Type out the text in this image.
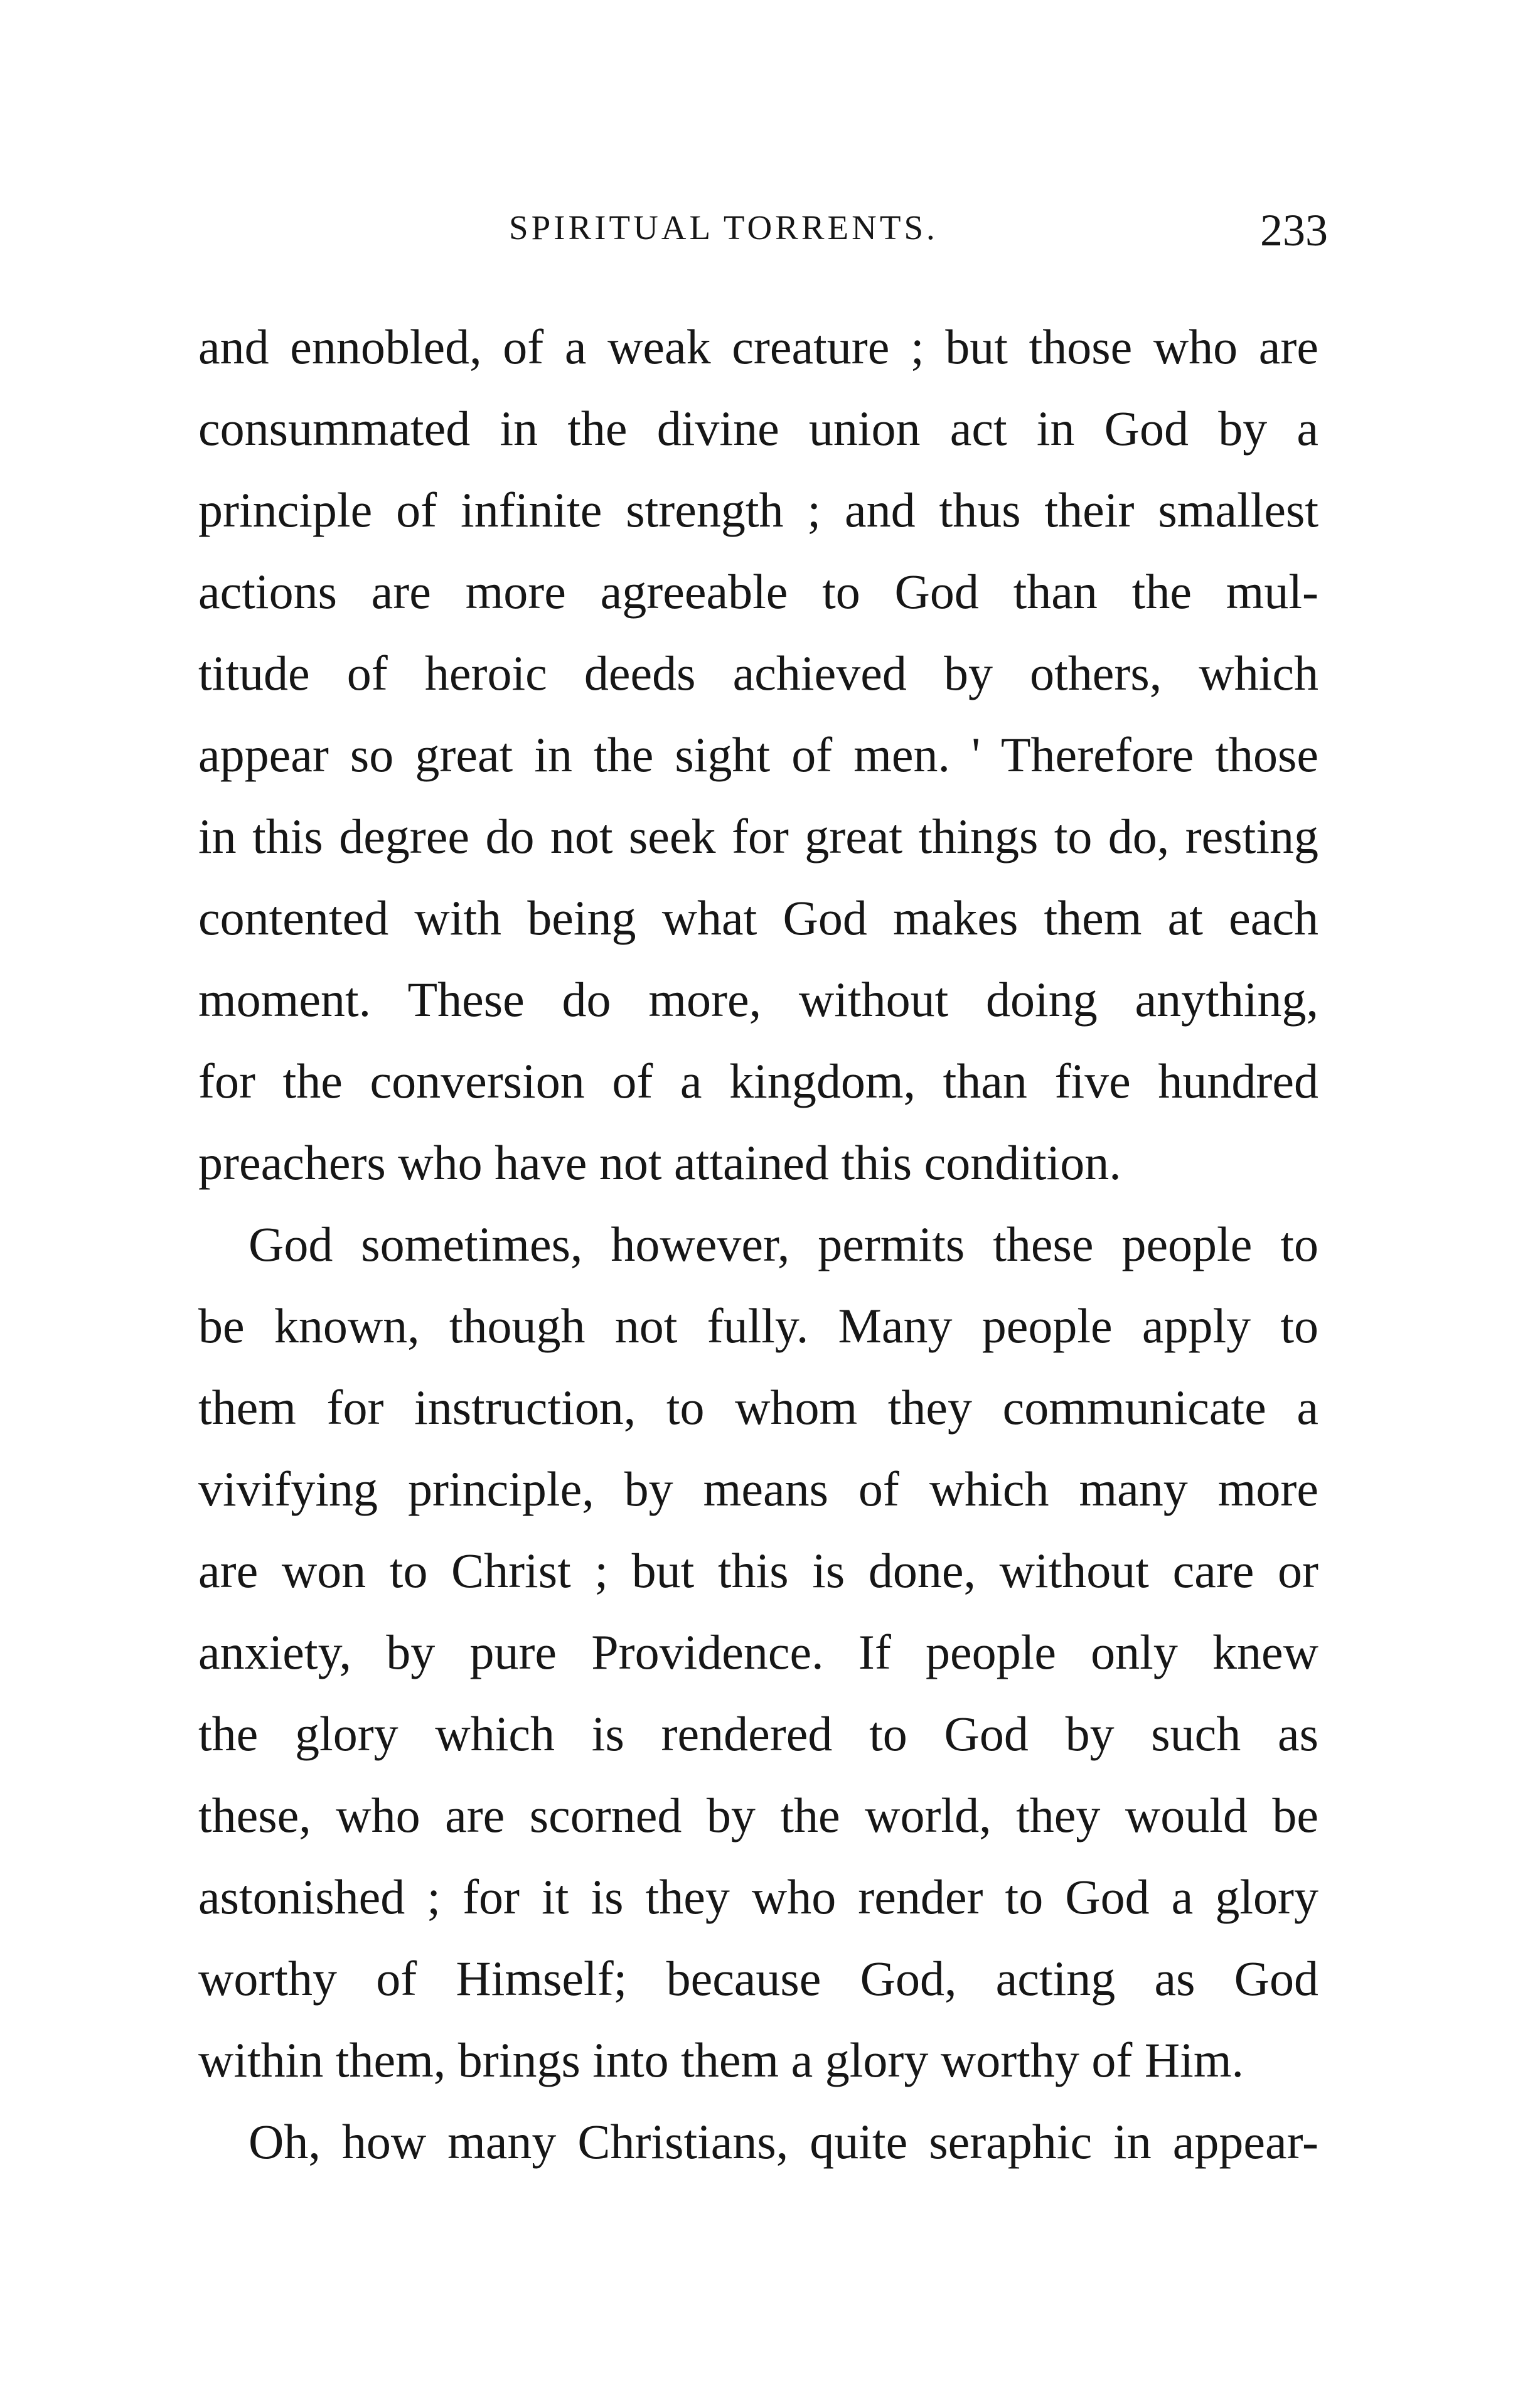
SPIRITUAL TORRENTS.	233
and ennobled, of a weak creature ; but those who are
consummated in the divine union act in God by a
principle of infinite strength ; and thus their smallest
actions are more agreeable to God than the mul-
titude of heroic deeds achieved by others, which
appear so great in the sight of men. ' Therefore those
in this degree do not seek for great things to do, resting
contented with being what God makes them at each
moment. These do more, without doing anything,
for the conversion of a kingdom, than five hundred
preachers who have not attained this condition.
God sometimes, however, permits these people to
be known, though not fully. Many people apply to
them for instruction, to whom they communicate a
vivifying principle, by means of which many more
are won to Christ ; but this is done, without care or
anxiety, by pure Providence. If people only knew
the glory which is rendered to God by such as
these, who are scorned by the world, they would be
astonished ; for it is they who render to God a glory
worthy of Himself; because God, acting as God
within them, brings into them a glory worthy of Him.
Oh, how many Christians, quite seraphic in appear-
